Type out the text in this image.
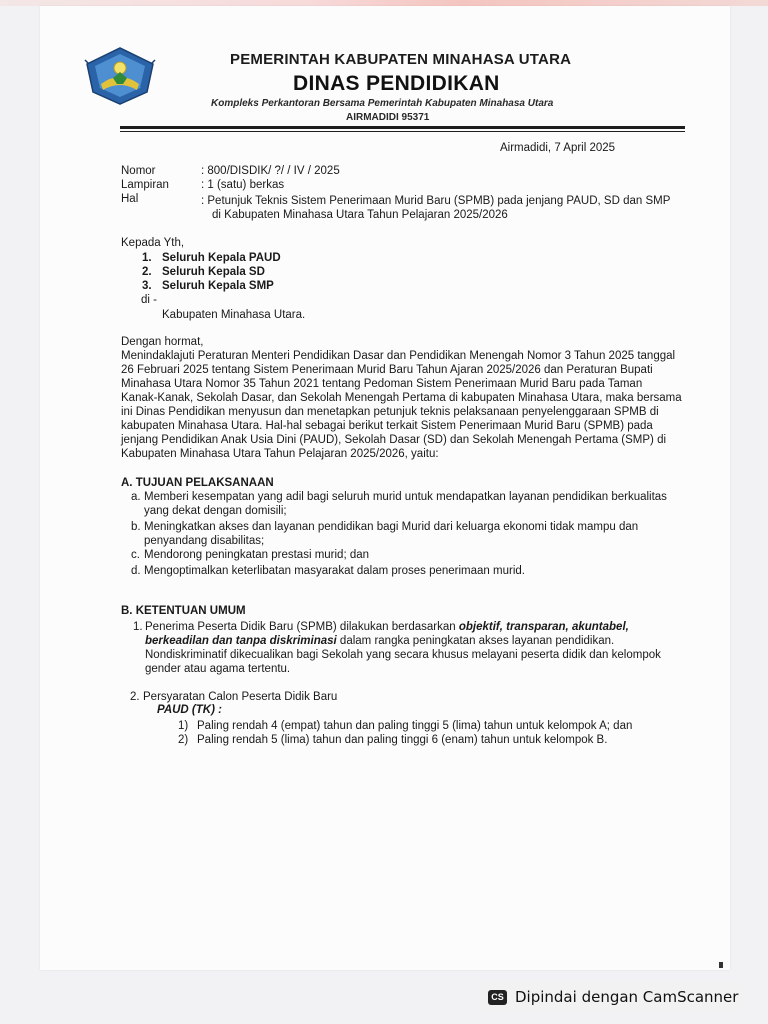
PEMERINTAH KABUPATEN MINAHASA UTARA
DINAS PENDIDIKAN
Kompleks Perkantoran Bersama Pemerintah Kabupaten Minahasa Utara
AIRMADIDI 95371
Airmadidi, 7 April 2025
Nomor	: 800/DISDIK/ ?/ / IV / 2025
Lampiran	: 1 (satu) berkas
Hal	: Petunjuk Teknis Sistem Penerimaan Murid Baru (SPMB) pada jenjang PAUD, SD dan SMP
di Kabupaten Minahasa Utara Tahun Pelajaran 2025/2026
Kepada Yth,
1. Seluruh Kepala PAUD
2. Seluruh Kepala SD
3. Seluruh Kepala SMP
di -
Kabupaten Minahasa Utara.
Dengan hormat,
Menindaklajuti Peraturan Menteri Pendidikan Dasar dan Pendidikan Menengah Nomor 3 Tahun 2025 tanggal
26 Februari 2025 tentang Sistem Penerimaan Murid Baru Tahun Ajaran 2025/2026 dan Peraturan Bupati
Minahasa Utara Nomor 35 Tahun 2021 tentang Pedoman Sistem Penerimaan Murid Baru pada Taman
Kanak-Kanak, Sekolah Dasar, dan Sekolah Menengah Pertama di kabupaten Minahasa Utara, maka bersama
ini Dinas Pendidikan menyusun dan menetapkan petunjuk teknis pelaksanaan penyelenggaraan SPMB di
kabupaten Minahasa Utara. Hal-hal sebagai berikut terkait Sistem Penerimaan Murid Baru (SPMB) pada
jenjang Pendidikan Anak Usia Dini (PAUD), Sekolah Dasar (SD) dan Sekolah Menengah Pertama (SMP) di
Kabupaten Minahasa Utara Tahun Pelajaran 2025/2026, yaitu:
A. TUJUAN PELAKSANAAN
a. Memberi kesempatan yang adil bagi seluruh murid untuk mendapatkan layanan pendidikan berkualitas
yang dekat dengan domisili;
b. Meningkatkan akses dan layanan pendidikan bagi Murid dari keluarga ekonomi tidak mampu dan
penyandang disabilitas;
c. Mendorong peningkatan prestasi murid; dan
d. Mengoptimalkan keterlibatan masyarakat dalam proses penerimaan murid.
B. KETENTUAN UMUM
1. Penerima Peserta Didik Baru (SPMB) dilakukan berdasarkan objektif, transparan, akuntabel,
berkeadilan dan tanpa diskriminasi dalam rangka peningkatan akses layanan pendidikan.
Nondiskriminatif dikecualikan bagi Sekolah yang secara khusus melayani peserta didik dan kelompok
gender atau agama tertentu.
2. Persyaratan Calon Peserta Didik Baru
PAUD (TK) :
1) Paling rendah 4 (empat) tahun dan paling tinggi 5 (lima) tahun untuk kelompok A; dan
2) Paling rendah 5 (lima) tahun dan paling tinggi 6 (enam) tahun untuk kelompok B.
CS Dipindai dengan CamScanner
